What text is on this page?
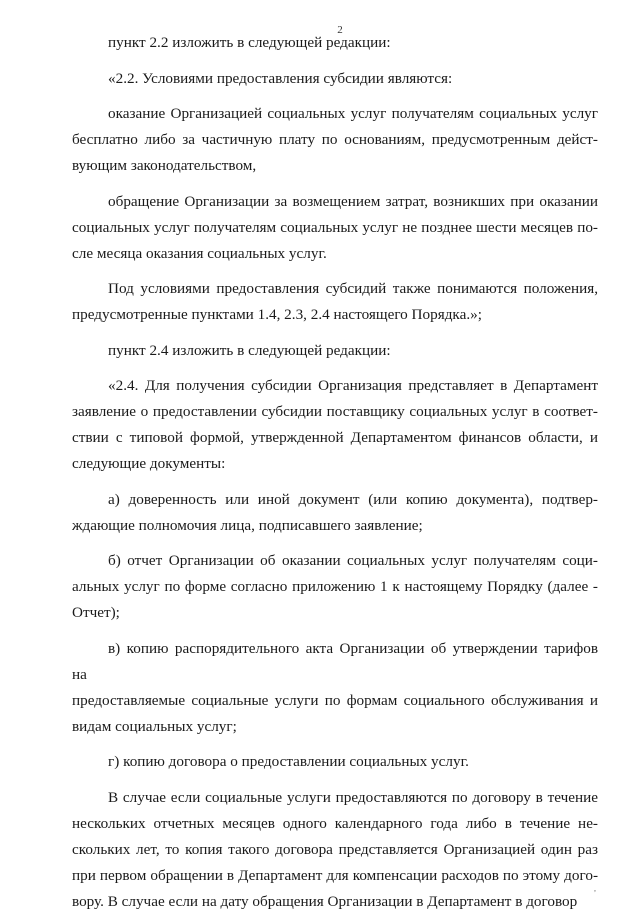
2
пункт 2.2 изложить в следующей редакции:
«2.2. Условиями предоставления субсидии являются:
оказание Организацией социальных услуг получателям социальных услуг
бесплатно либо за частичную плату по основаниям, предусмотренным дейст-
вующим законодательством,
обращение Организации за возмещением затрат, возникших при оказании
социальных услуг получателям социальных услуг не позднее шести месяцев по-
сле месяца оказания социальных услуг.
Под условиями предоставления субсидий также понимаются положения,
предусмотренные пунктами 1.4, 2.3, 2.4 настоящего Порядка.»;
пункт 2.4 изложить в следующей редакции:
«2.4. Для получения субсидии Организация представляет в Департамент
заявление о предоставлении субсидии поставщику социальных услуг в соответ-
ствии с типовой формой, утвержденной Департаментом финансов области, и
следующие документы:
а) доверенность или иной документ (или копию документа), подтвер-
ждающие полномочия лица, подписавшего заявление;
б) отчет Организации об оказании социальных услуг получателям соци-
альных услуг по форме согласно приложению 1 к настоящему Порядку (далее -
Отчет);
в) копию распорядительного акта Организации об утверждении тарифов на
предоставляемые социальные услуги по формам социального обслуживания и
видам социальных услуг;
г) копию договора о предоставлении социальных услуг.
В случае если социальные услуги предоставляются по договору в течение
нескольких отчетных месяцев одного календарного года либо в течение не-
скольких лет, то копия такого договора представляется Организацией один раз
при первом обращении в Департамент для компенсации расходов по этому дого-
вору. В случае если на дату обращения Организации в Департамент в договор
,
